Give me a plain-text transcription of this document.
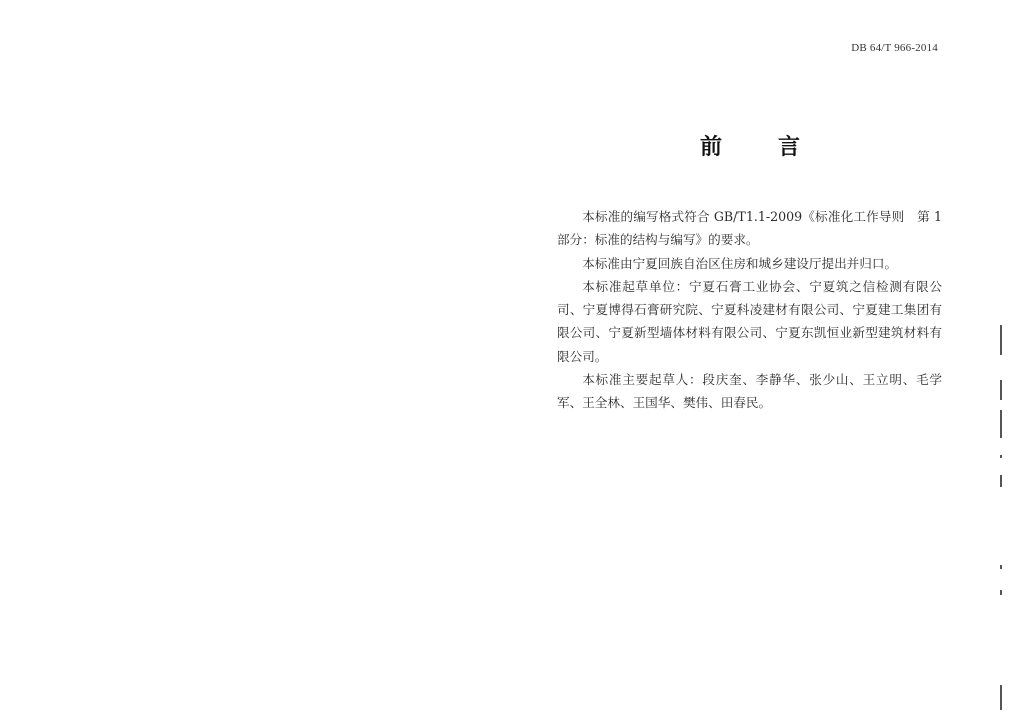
DB 64/T 966-2014
前	言

本标准的编写格式符合 GB/T1.1-2009《标准化工作导则　第 1 部分：标准的结构与编写》的要求。

本标准由宁夏回族自治区住房和城乡建设厅提出并归口。

本标准起草单位：宁夏石膏工业协会、宁夏筑之信检测有限公司、宁夏博得石膏研究院、宁夏科凌建材有限公司、宁夏建工集团有限公司、宁夏新型墙体材料有限公司、宁夏东凯恒业新型建筑材料有限公司。

本标准主要起草人：段庆奎、李静华、张少山、王立明、毛学军、王全林、王国华、樊伟、田春民。
